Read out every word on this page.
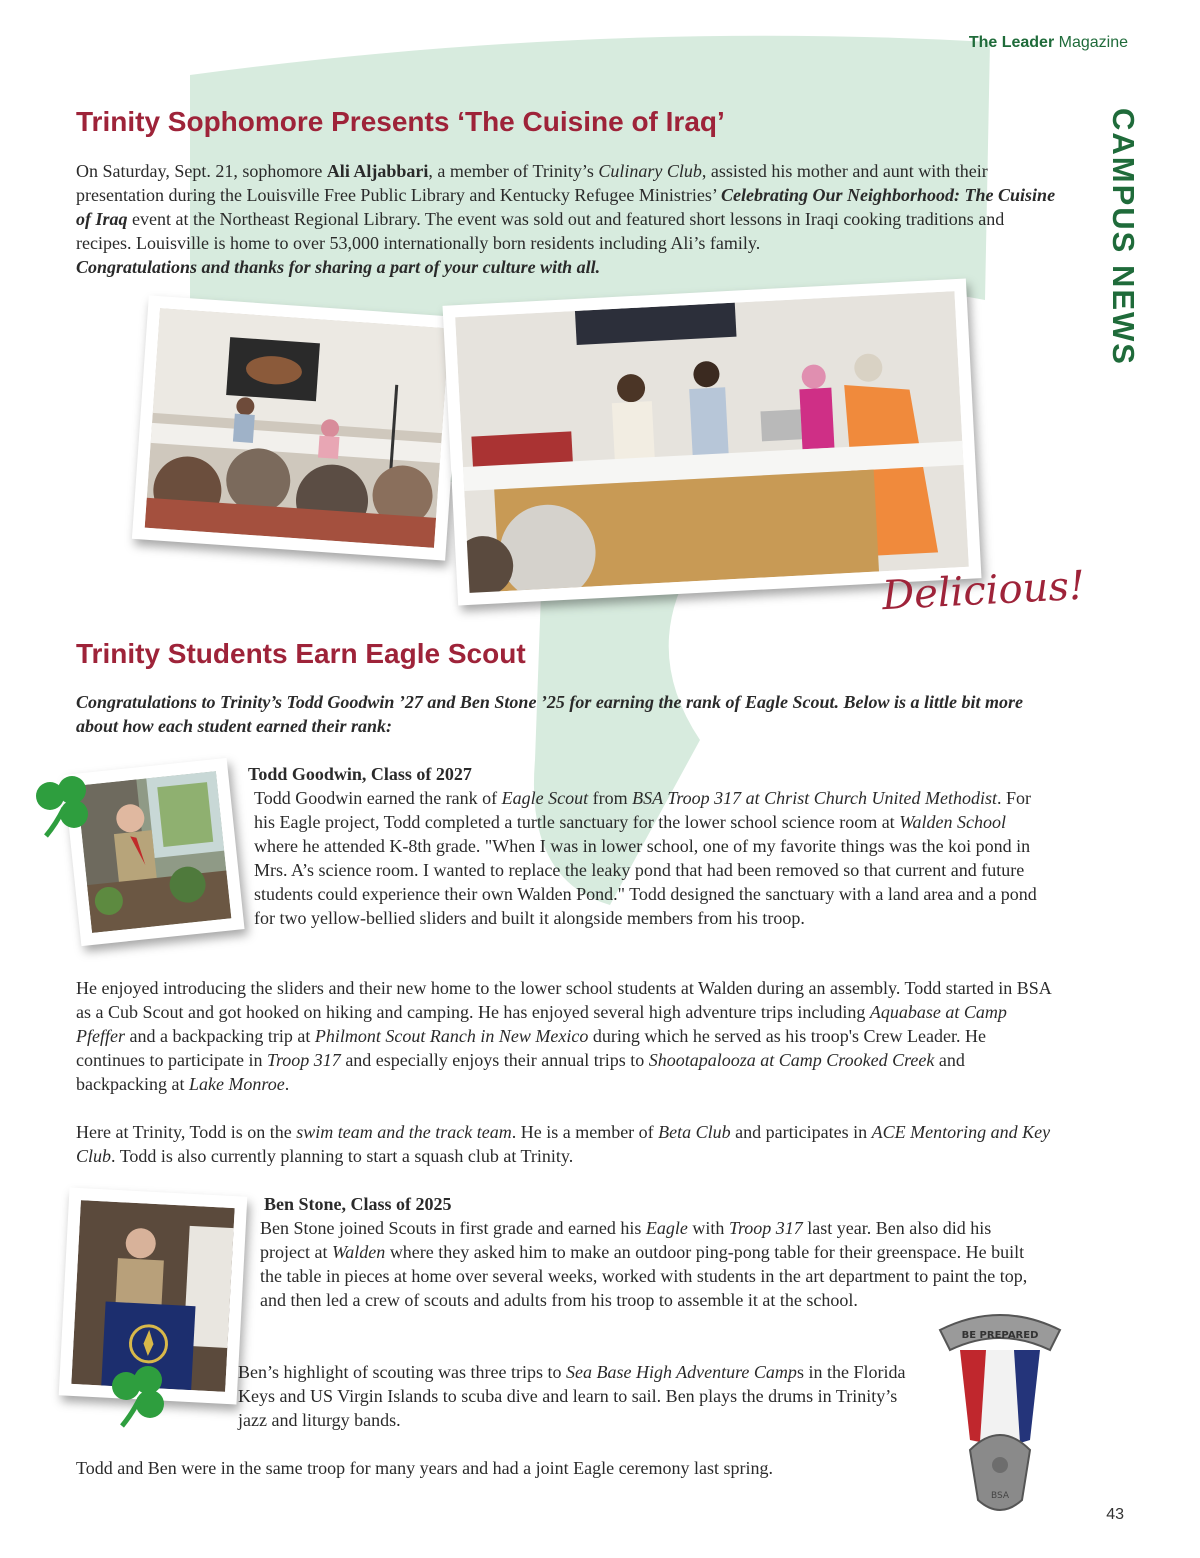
The Leader Magazine
CAMPUS NEWS
Trinity Sophomore Presents ‘The Cuisine of Iraq’

On Saturday, Sept. 21, sophomore Ali Aljabbari, a member of Trinity’s Culinary Club, assisted his mother and aunt with their presentation during the Louisville Free Public Library and Kentucky Refugee Ministries’ Celebrating Our Neighborhood: The Cuisine of Iraq event at the Northeast Regional Library. The event was sold out and featured short lessons in Iraqi cooking traditions and recipes. Louisville is home to over 53,000 internationally born residents including Ali’s family.

Congratulations and thanks for sharing a part of your culture with all.

Delicious!
Trinity Students Earn Eagle Scout
Congratulations to Trinity’s Todd Goodwin ’27 and Ben Stone ’25 for earning the rank of Eagle Scout. Below is a little bit more about how each student earned their rank:

Todd Goodwin, Class of 2027

Todd Goodwin earned the rank of Eagle Scout from BSA Troop 317 at Christ Church United Methodist. For his Eagle project, Todd completed a turtle sanctuary for the lower school science room at Walden School where he attended K-8th grade. "When I was in lower school, one of my favorite things was the koi pond in Mrs. A’s science room. I wanted to replace the leaky pond that had been removed so that current and future students could experience their own Walden Pond." Todd designed the sanctuary with a land area and a pond for two yellow-bellied sliders and built it alongside members from his troop.

He enjoyed introducing the sliders and their new home to the lower school students at Walden during an assembly. Todd started in BSA as a Cub Scout and got hooked on hiking and camping. He has enjoyed several high adventure trips including Aquabase at Camp Pfeffer and a backpacking trip at Philmont Scout Ranch in New Mexico during which he served as his troop's Crew Leader. He continues to participate in Troop 317 and especially enjoys their annual trips to Shootapalooza at Camp Crooked Creek and backpacking at Lake Monroe.

Here at Trinity, Todd is on the swim team and the track team. He is a member of Beta Club and participates in ACE Mentoring and Key Club. Todd is also currently planning to start a squash club at Trinity.

Ben Stone, Class of 2025

Ben Stone joined Scouts in first grade and earned his Eagle with Troop 317 last year. Ben also did his project at Walden where they asked him to make an outdoor ping-pong table for their greenspace. He built the table in pieces at home over several weeks, worked with students in the art department to paint the top, and then led a crew of scouts and adults from his troop to assemble it at the school.

Ben’s highlight of scouting was three trips to Sea Base High Adventure Camps in the Florida Keys and US Virgin Islands to scuba dive and learn to sail. Ben plays the drums in Trinity’s jazz and liturgy bands.

Todd and Ben were in the same troop for many years and had a joint Eagle ceremony last spring.
BE PREPARED
BSA
43
